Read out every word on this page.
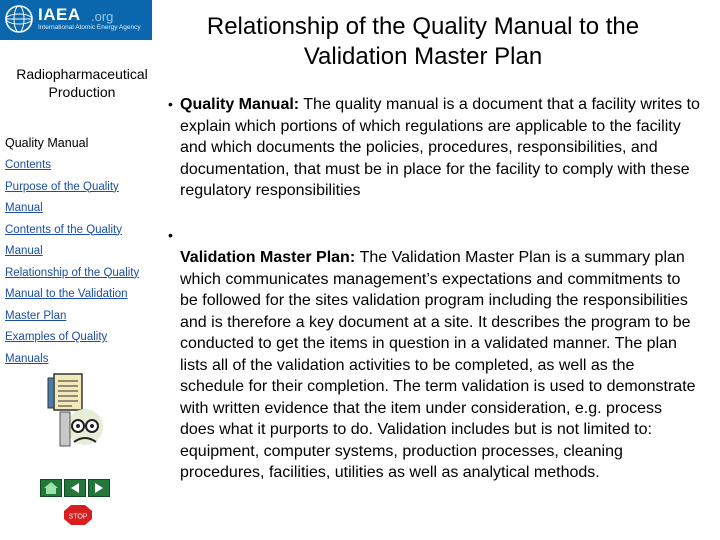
IAEA .org
International Atomic Energy Agency
Radiopharmaceutical Production
Relationship of the Quality Manual to the Validation Master Plan
Quality Manual
Contents
Purpose of the Quality Manual
Contents of the Quality Manual
Relationship of the Quality Manual to the Validation Master Plan
Examples of Quality Manuals
• Quality Manual: The quality manual is a document that a facility writes to explain which portions of which regulations are applicable to the facility and which documents the policies, procedures, responsibilities, and documentation, that must be in place for the facility to comply with these regulatory responsibilities
•
Validation Master Plan: The Validation Master Plan is a summary plan which communicates management’s expectations and commitments to be followed for the sites validation program including the responsibilities and is therefore a key document at a site. It describes the program to be conducted to get the items in question in a validated manner. The plan lists all of the validation activities to be completed, as well as the schedule for their completion. The term validation is used to demonstrate with written evidence that the item under consideration, e.g. process does what it purports to do. Validation includes but is not limited to: equipment, computer systems, production processes, cleaning procedures, facilities, utilities as well as analytical methods.
STOP
